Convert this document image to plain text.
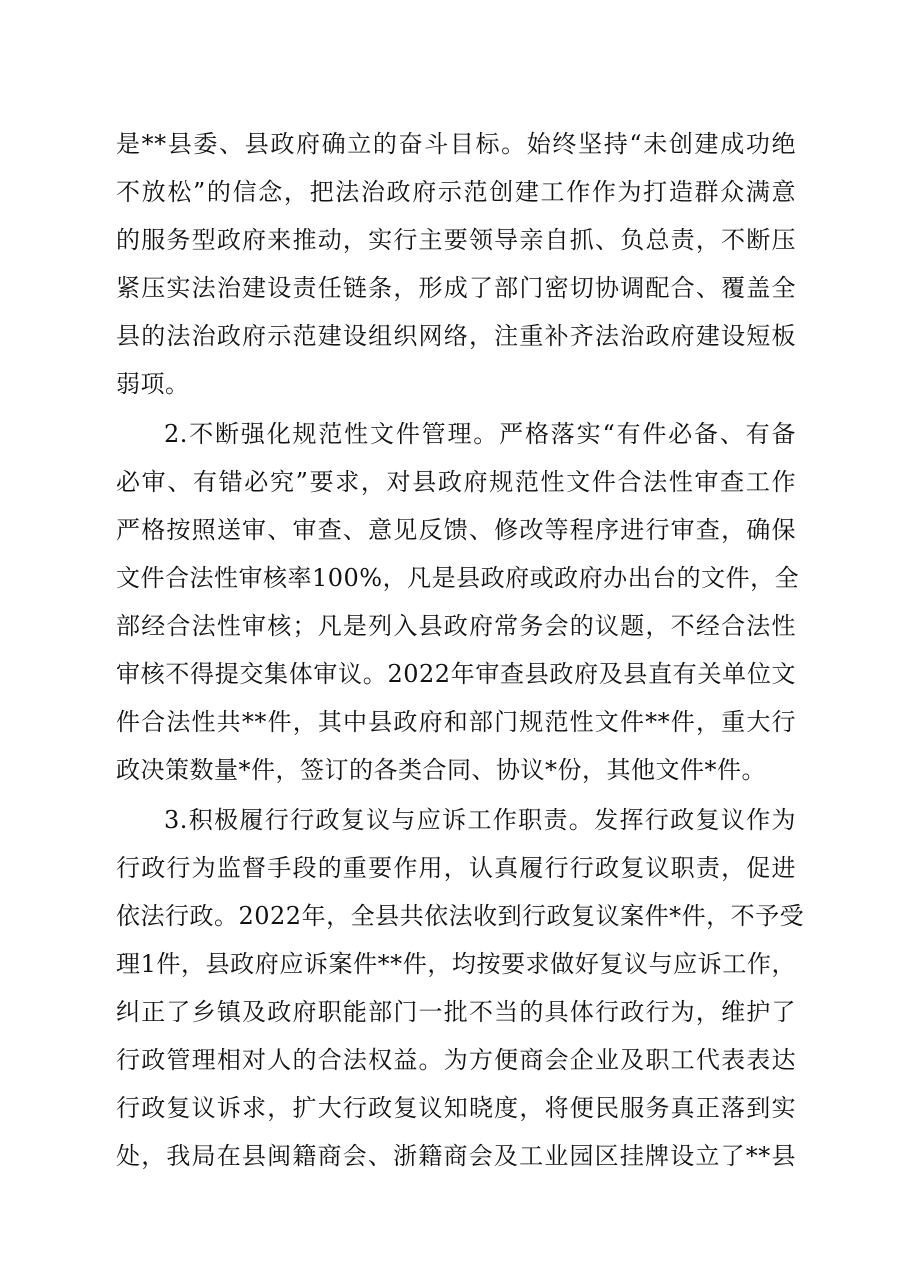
是**县委、县政府确立的奋斗目标。始终坚持“未创建成功绝
不放松”的信念，把法治政府示范创建工作作为打造群众满意
的服务型政府来推动，实行主要领导亲自抓、负总责，不断压
紧压实法治建设责任链条，形成了部门密切协调配合、覆盖全
县的法治政府示范建设组织网络，注重补齐法治政府建设短板
弱项。
2.不断强化规范性文件管理。严格落实“有件必备、有备
必审、有错必究”要求，对县政府规范性文件合法性审查工作
严格按照送审、审查、意见反馈、修改等程序进行审查，确保
文件合法性审核率100%，凡是县政府或政府办出台的文件，全
部经合法性审核；凡是列入县政府常务会的议题，不经合法性
审核不得提交集体审议。2022年审查县政府及县直有关单位文
件合法性共**件，其中县政府和部门规范性文件**件，重大行
政决策数量*件，签订的各类合同、协议*份，其他文件*件。
3.积极履行行政复议与应诉工作职责。发挥行政复议作为
行政行为监督手段的重要作用，认真履行行政复议职责，促进
依法行政。2022年，全县共依法收到行政复议案件*件，不予受
理1件，县政府应诉案件**件，均按要求做好复议与应诉工作，
纠正了乡镇及政府职能部门一批不当的具体行政行为，维护了
行政管理相对人的合法权益。为方便商会企业及职工代表表达
行政复议诉求，扩大行政复议知晓度，将便民服务真正落到实
处，我局在县闽籍商会、浙籍商会及工业园区挂牌设立了**县
